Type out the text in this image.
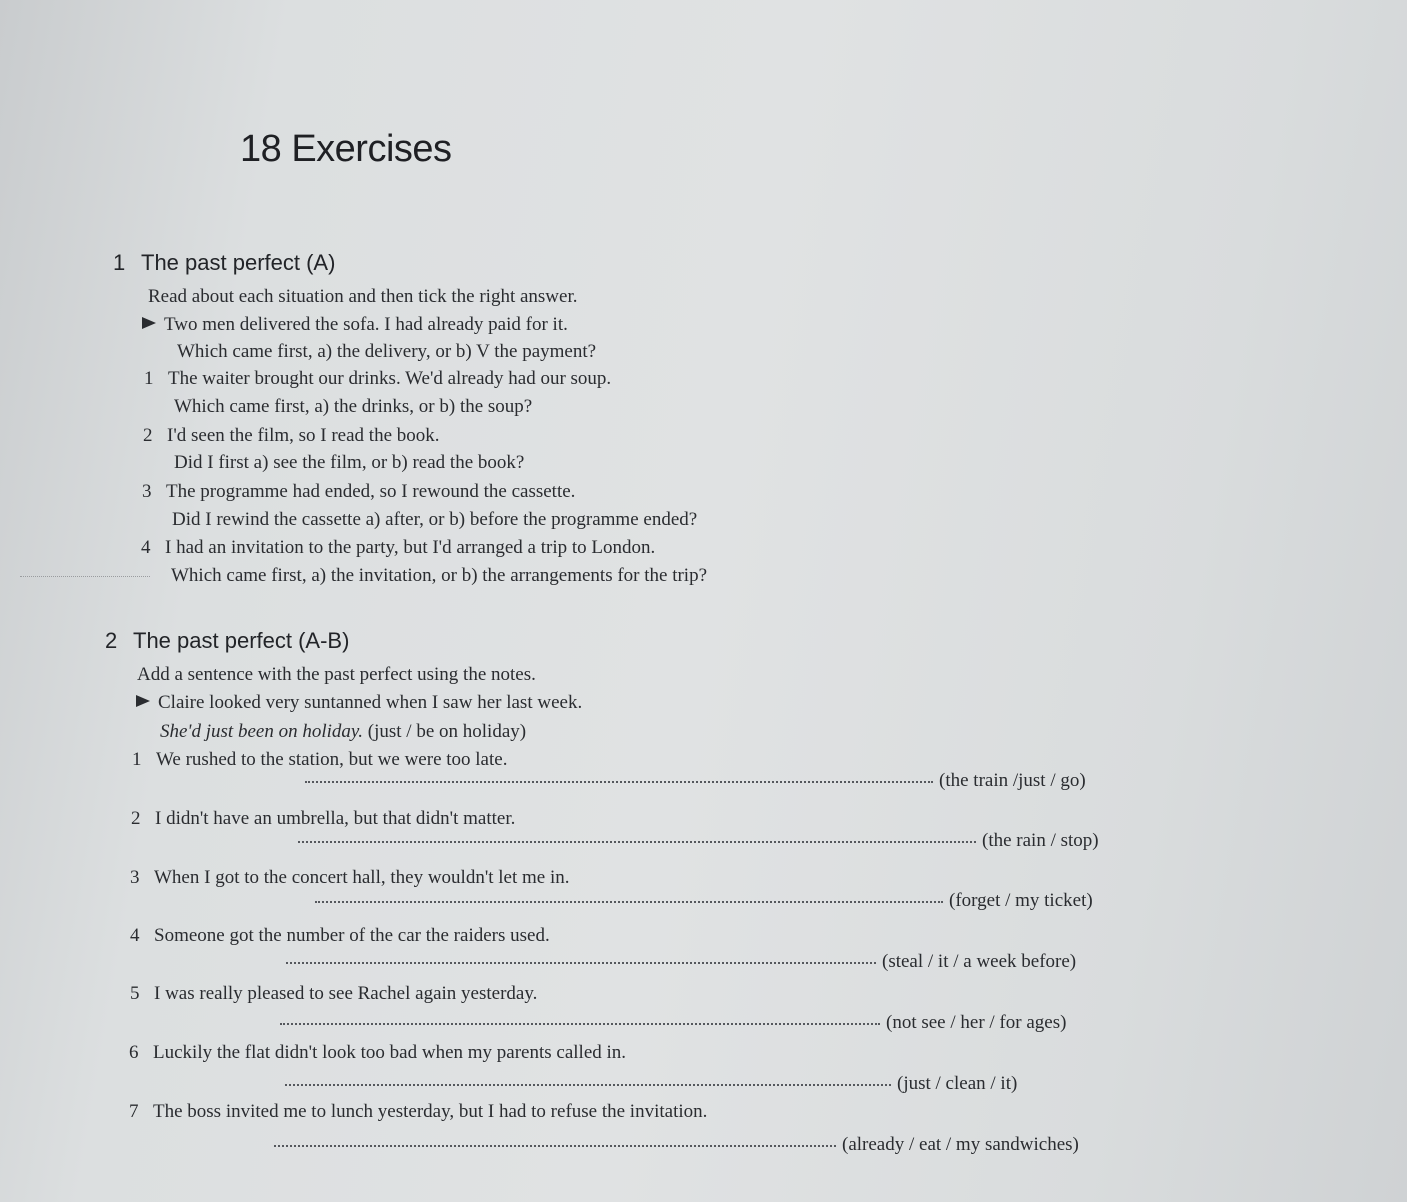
18 Exercises
1 The past perfect (A)
Read about each situation and then tick the right answer.
Two men delivered the sofa. I had already paid for it.
Which came first, a) the delivery, or b) V the payment?
1 The waiter brought our drinks. We'd already had our soup.
Which came first, a) the drinks, or b) the soup?
2 I'd seen the film, so I read the book.
Did I first a) see the film, or b) read the book?
3 The programme had ended, so I rewound the cassette.
Did I rewind the cassette a) after, or b) before the programme ended?
4 I had an invitation to the party, but I'd arranged a trip to London.
Which came first, a) the invitation, or b) the arrangements for the trip?
2 The past perfect (A-B)
Add a sentence with the past perfect using the notes.
Claire looked very suntanned when I saw her last week.
She'd just been on holiday. (just / be on holiday)
1 We rushed to the station, but we were too late.
(the train /just / go)
2 I didn't have an umbrella, but that didn't matter.
(the rain / stop)
3 When I got to the concert hall, they wouldn't let me in.
(forget / my ticket)
4 Someone got the number of the car the raiders used.
(steal / it / a week before)
5 I was really pleased to see Rachel again yesterday.
(not see / her / for ages)
6 Luckily the flat didn't look too bad when my parents called in.
(just / clean / it)
7 The boss invited me to lunch yesterday, but I had to refuse the invitation.
(already / eat / my sandwiches)
